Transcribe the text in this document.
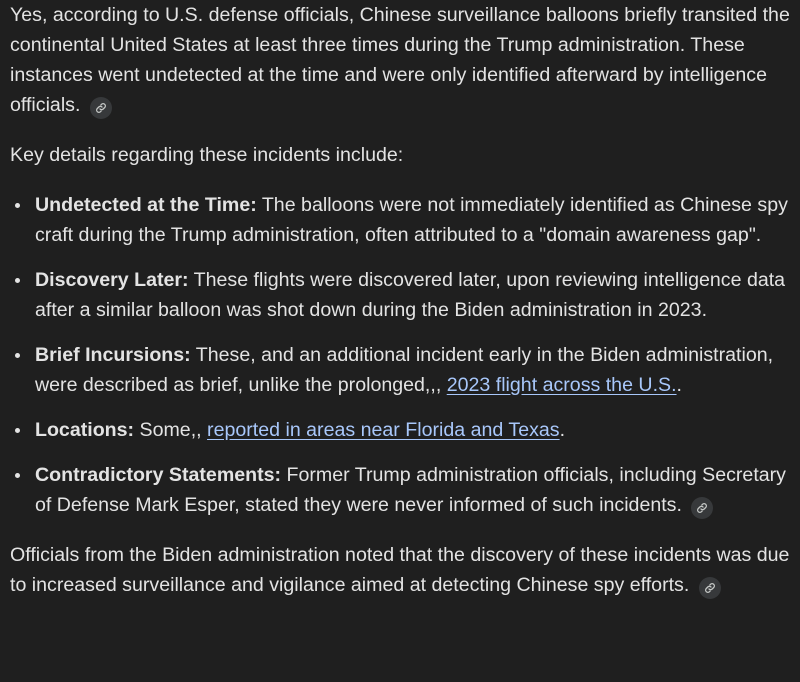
Yes, according to U.S. defense officials, Chinese surveillance balloons briefly transited the continental United States at least three times during the Trump administration. These instances went undetected at the time and were only identified afterward by intelligence officials.

Key details regarding these incidents include:

Undetected at the Time: The balloons were not immediately identified as Chinese spy craft during the Trump administration, often attributed to a "domain awareness gap".
Discovery Later: These flights were discovered later, upon reviewing intelligence data after a similar balloon was shot down during the Biden administration in 2023.
Brief Incursions: These, and an additional incident early in the Biden administration, were described as brief, unlike the prolonged,,, 2023 flight across the U.S..
Locations: Some,, reported in areas near Florida and Texas.
Contradictory Statements: Former Trump administration officials, including Secretary of Defense Mark Esper, stated they were never informed of such incidents.

Officials from the Biden administration noted that the discovery of these incidents was due to increased surveillance and vigilance aimed at detecting Chinese spy efforts.
